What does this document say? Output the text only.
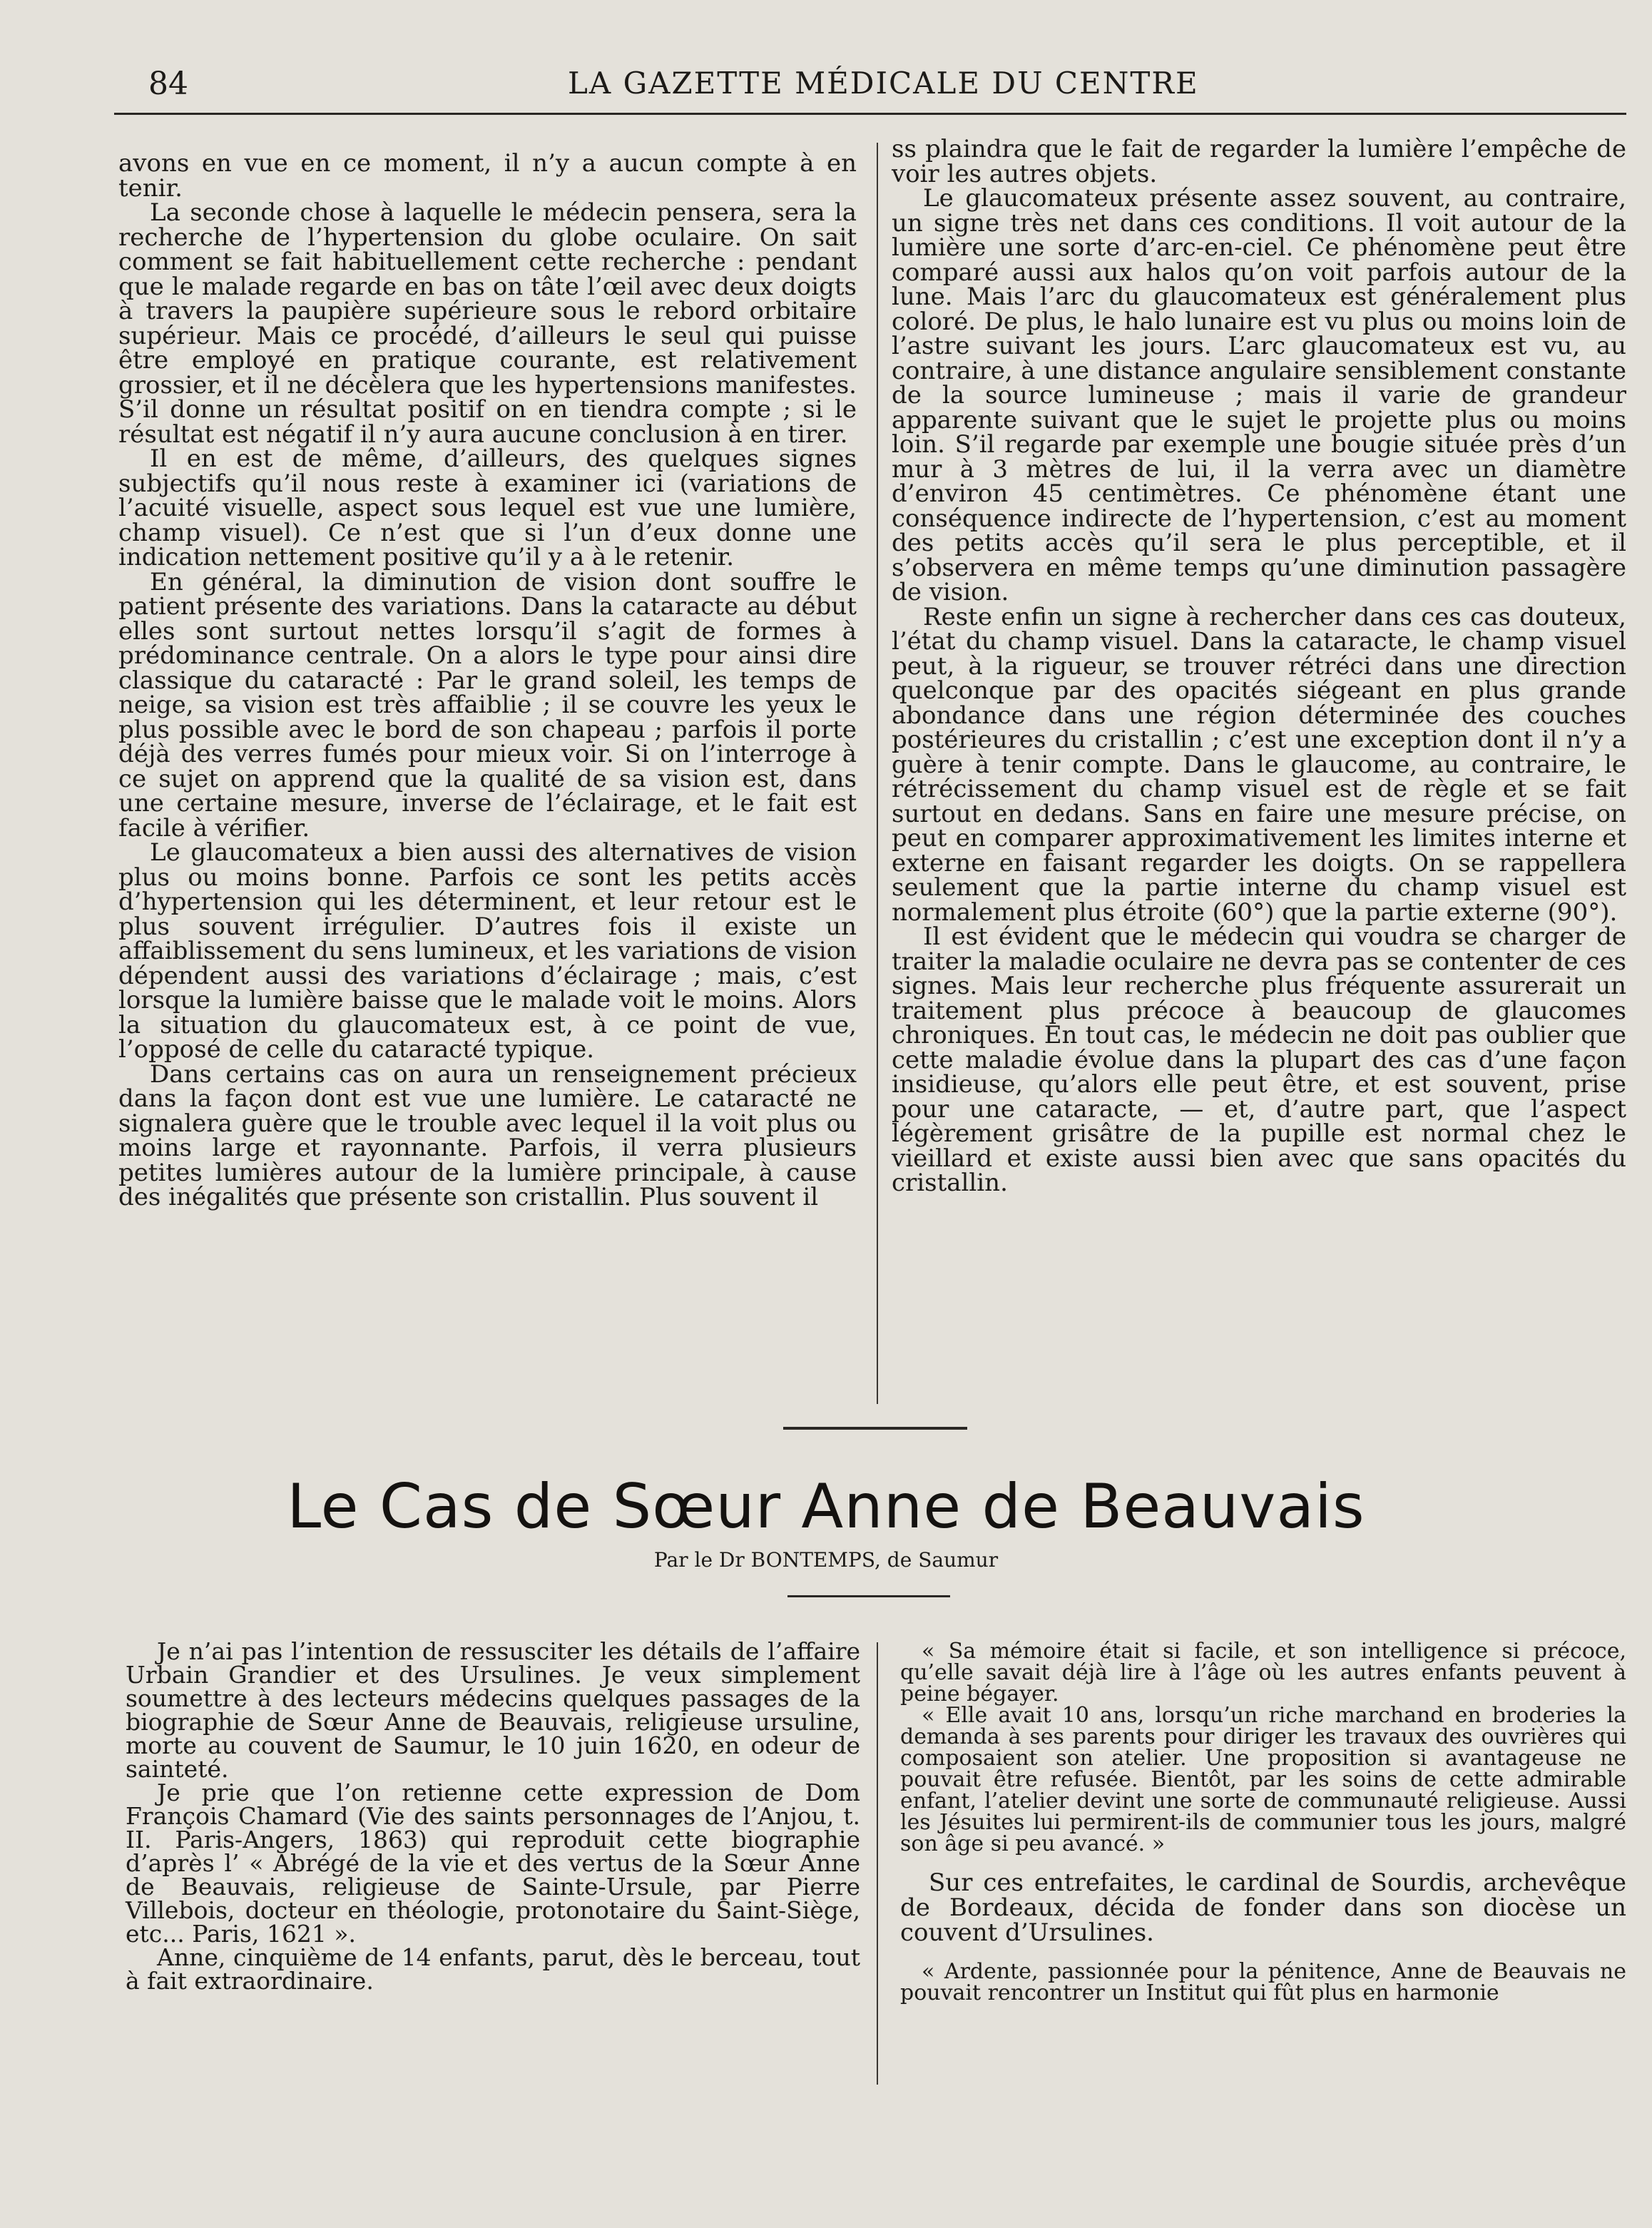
84	LA GAZETTE MÉDICALE DU CENTRE

avons en vue en ce moment, il n’y a aucun compte à en tenir.

La seconde chose à laquelle le médecin pensera, sera la recherche de l’hypertension du globe oculaire. On sait comment se fait habituellement cette recherche : pendant que le malade regarde en bas on tâte l’œil avec deux doigts à travers la paupière supérieure sous le rebord orbitaire supérieur. Mais ce procédé, d’ailleurs le seul qui puisse être employé en pratique courante, est relativement grossier, et il ne décèlera que les hypertensions manifestes. S’il donne un résultat positif on en tiendra compte ; si le résultat est négatif il n’y aura aucune conclusion à en tirer.

Il en est de même, d’ailleurs, des quelques signes subjectifs qu’il nous reste à examiner ici (variations de l’acuité visuelle, aspect sous lequel est vue une lumière, champ visuel). Ce n’est que si l’un d’eux donne une indication nettement positive qu’il y a à le retenir.

En général, la diminution de vision dont souffre le patient présente des variations. Dans la cataracte au début elles sont surtout nettes lorsqu’il s’agit de formes à prédominance centrale. On a alors le type pour ainsi dire classique du cataracté : Par le grand soleil, les temps de neige, sa vision est très affaiblie ; il se couvre les yeux le plus possible avec le bord de son chapeau ; parfois il porte déjà des verres fumés pour mieux voir. Si on l’interroge à ce sujet on apprend que la qualité de sa vision est, dans une certaine mesure, inverse de l’éclairage, et le fait est facile à vérifier.

Le glaucomateux a bien aussi des alternatives de vision plus ou moins bonne. Parfois ce sont les petits accès d’hypertension qui les déterminent, et leur retour est le plus souvent irrégulier. D’autres fois il existe un affaiblissement du sens lumineux, et les variations de vision dépendent aussi des variations d’éclairage ; mais, c’est lorsque la lumière baisse que le malade voit le moins. Alors la situation du glaucomateux est, à ce point de vue, l’opposé de celle du cataracté typique.

Dans certains cas on aura un renseignement précieux dans la façon dont est vue une lumière. Le cataracté ne signalera guère que le trouble avec lequel il la voit plus ou moins large et rayonnante. Parfois, il verra plusieurs petites lumières autour de la lumière principale, à cause des inégalités que présente son cristallin. Plus souvent il

ss plaindra que le fait de regarder la lumière l’empêche de voir les autres objets.

Le glaucomateux présente assez souvent, au contraire, un signe très net dans ces conditions. Il voit autour de la lumière une sorte d’arc-en-ciel. Ce phénomène peut être comparé aussi aux halos qu’on voit parfois autour de la lune. Mais l’arc du glaucomateux est généralement plus coloré. De plus, le halo lunaire est vu plus ou moins loin de l’astre suivant les jours. L’arc glaucomateux est vu, au contraire, à une distance angulaire sensiblement constante de la source lumineuse ; mais il varie de grandeur apparente suivant que le sujet le projette plus ou moins loin. S’il regarde par exemple une bougie située près d’un mur à 3 mètres de lui, il la verra avec un diamètre d’environ 45 centimètres. Ce phénomène étant une conséquence indirecte de l’hypertension, c’est au moment des petits accès qu’il sera le plus perceptible, et il s’observera en même temps qu’une diminution passagère de vision.

Reste enfin un signe à rechercher dans ces cas douteux, l’état du champ visuel. Dans la cataracte, le champ visuel peut, à la rigueur, se trouver rétréci dans une direction quelconque par des opacités siégeant en plus grande abondance dans une région déterminée des couches postérieures du cristallin ; c’est une exception dont il n’y a guère à tenir compte. Dans le glaucome, au contraire, le rétrécissement du champ visuel est de règle et se fait surtout en dedans. Sans en faire une mesure précise, on peut en comparer approximativement les limites interne et externe en faisant regarder les doigts. On se rappellera seulement que la partie interne du champ visuel est normalement plus étroite (60°) que la partie externe (90°).

Il est évident que le médecin qui voudra se charger de traiter la maladie oculaire ne devra pas se contenter de ces signes. Mais leur recherche plus fréquente assurerait un traitement plus précoce à beaucoup de glaucomes chroniques. En tout cas, le médecin ne doit pas oublier que cette maladie évolue dans la plupart des cas d’une façon insidieuse, qu’alors elle peut être, et est souvent, prise pour une cataracte, — et, d’autre part, que l’aspect légèrement grisâtre de la pupille est normal chez le vieillard et existe aussi bien avec que sans opacités du cristallin.

Le Cas de Sœur Anne de Beauvais
Par le Dr BONTEMPS, de Saumur

Je n’ai pas l’intention de ressusciter les détails de l’affaire Urbain Grandier et des Ursulines. Je veux simplement soumettre à des lecteurs médecins quelques passages de la biographie de Sœur Anne de Beauvais, religieuse ursuline, morte au couvent de Saumur, le 10 juin 1620, en odeur de sainteté.

Je prie que l’on retienne cette expression de Dom François Chamard (Vie des saints personnages de l’Anjou, t. II. Paris-Angers, 1863) qui reproduit cette biographie d’après l’ « Abrégé de la vie et des vertus de la Sœur Anne de Beauvais, religieuse de Sainte-Ursule, par Pierre Villebois, docteur en théologie, protonotaire du Saint-Siège, etc... Paris, 1621 ».

Anne, cinquième de 14 enfants, parut, dès le berceau, tout à fait extraordinaire.

« Sa mémoire était si facile, et son intelligence si précoce, qu’elle savait déjà lire à l’âge où les autres enfants peuvent à peine bégayer.

« Elle avait 10 ans, lorsqu’un riche marchand en broderies la demanda à ses parents pour diriger les travaux des ouvrières qui composaient son atelier. Une proposition si avantageuse ne pouvait être refusée. Bientôt, par les soins de cette admirable enfant, l’atelier devint une sorte de communauté religieuse. Aussi les Jésuites lui permirent-ils de communier tous les jours, malgré son âge si peu avancé. »

Sur ces entrefaites, le cardinal de Sourdis, archevêque de Bordeaux, décida de fonder dans son diocèse un couvent d’Ursulines.

« Ardente, passionnée pour la pénitence, Anne de Beauvais ne pouvait rencontrer un Institut qui fût plus en harmonie
